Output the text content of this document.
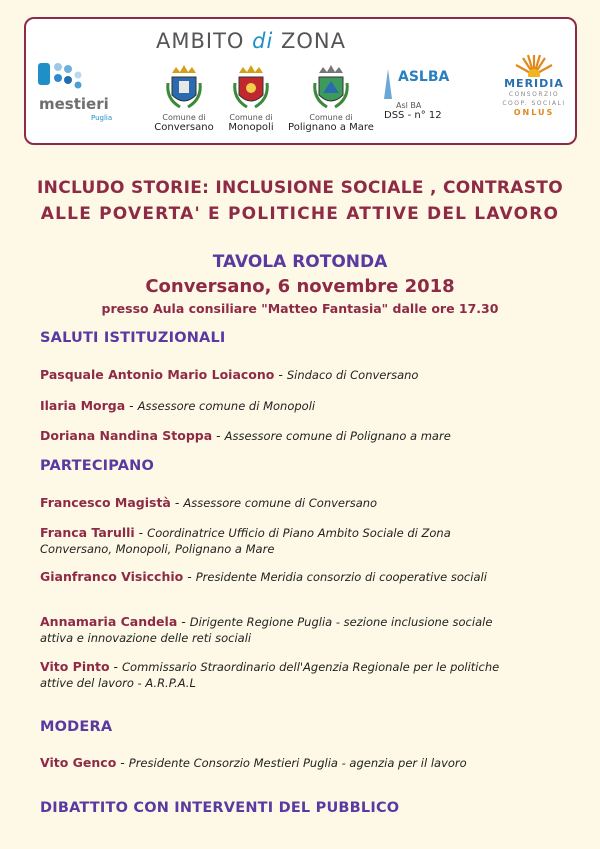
AMBITO di ZONA
mestieri
Puglia	Comune di
Conversano
Comune di
Monopoli
Comune di
Polignano a Mare
ASLBA
Asl BA
DSS - n° 12
MERIDIA
CONSORZIO
COOP. SOCIALI
ONLUS
INCLUDO STORIE: INCLUSIONE SOCIALE , CONTRASTO
ALLE POVERTA' E POLITICHE ATTIVE DEL LAVORO
TAVOLA ROTONDA
Conversano, 6 novembre 2018
presso Aula consiliare "Matteo Fantasia" dalle ore 17.30
SALUTI ISTITUZIONALI
Pasquale Antonio Mario Loiacono - Sindaco di Conversano
Ilaria Morga - Assessore comune di Monopoli
Doriana Nandina Stoppa - Assessore comune di Polignano a mare
PARTECIPANO
Francesco Magistà - Assessore comune di Conversano
Franca Tarulli - Coordinatrice Ufficio di Piano Ambito Sociale di Zona Conversano, Monopoli, Polignano a Mare
Gianfranco Visicchio - Presidente Meridia consorzio di cooperative sociali
Annamaria Candela - Dirigente Regione Puglia - sezione inclusione sociale attiva e innovazione delle reti sociali
Vito Pinto - Commissario Straordinario dell'Agenzia Regionale per le politiche attive del lavoro - A.R.P.A.L
MODERA
Vito Genco - Presidente Consorzio Mestieri Puglia - agenzia per il lavoro
DIBATTITO CON INTERVENTI DEL PUBBLICO
